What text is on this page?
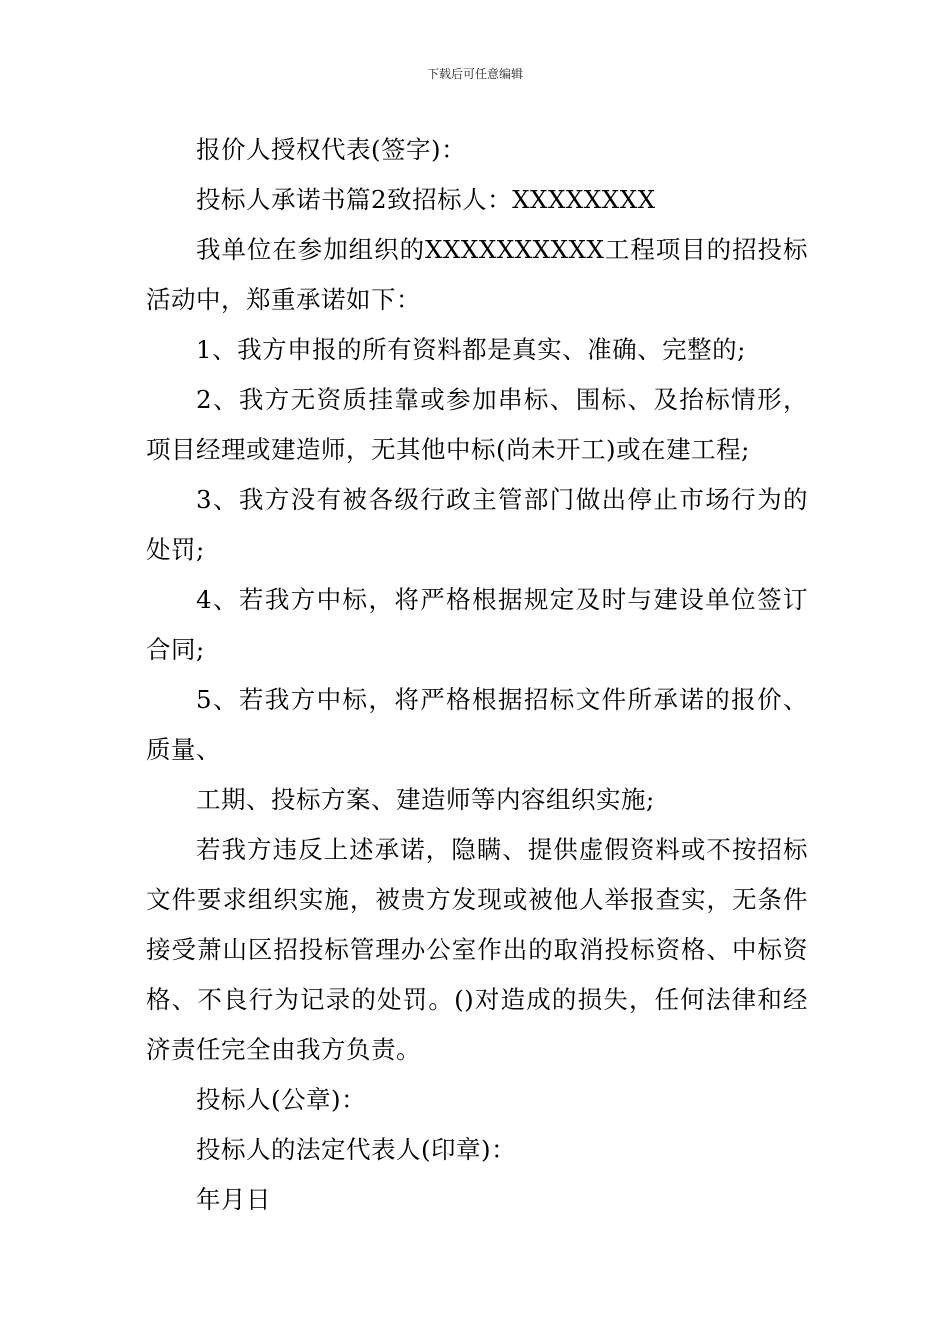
下载后可任意编辑

报价人授权代表(签字)：

投标人承诺书篇2致招标人：XXXXXXXX

我单位在参加组织的XXXXXXXXXX工程项目的招投标活动中，郑重承诺如下：

1、我方申报的所有资料都是真实、准确、完整的;

2、我方无资质挂靠或参加串标、围标、及抬标情形，项目经理或建造师，无其他中标(尚未开工)或在建工程;

3、我方没有被各级行政主管部门做出停止市场行为的处罚;

4、若我方中标，将严格根据规定及时与建设单位签订合同;

5、若我方中标，将严格根据招标文件所承诺的报价、质量、

工期、投标方案、建造师等内容组织实施;

若我方违反上述承诺，隐瞒、提供虚假资料或不按招标文件要求组织实施，被贵方发现或被他人举报查实，无条件接受萧山区招投标管理办公室作出的取消投标资格、中标资格、不良行为记录的处罚。()对造成的损失，任何法律和经济责任完全由我方负责。

投标人(公章)：

投标人的法定代表人(印章)：

年月日
